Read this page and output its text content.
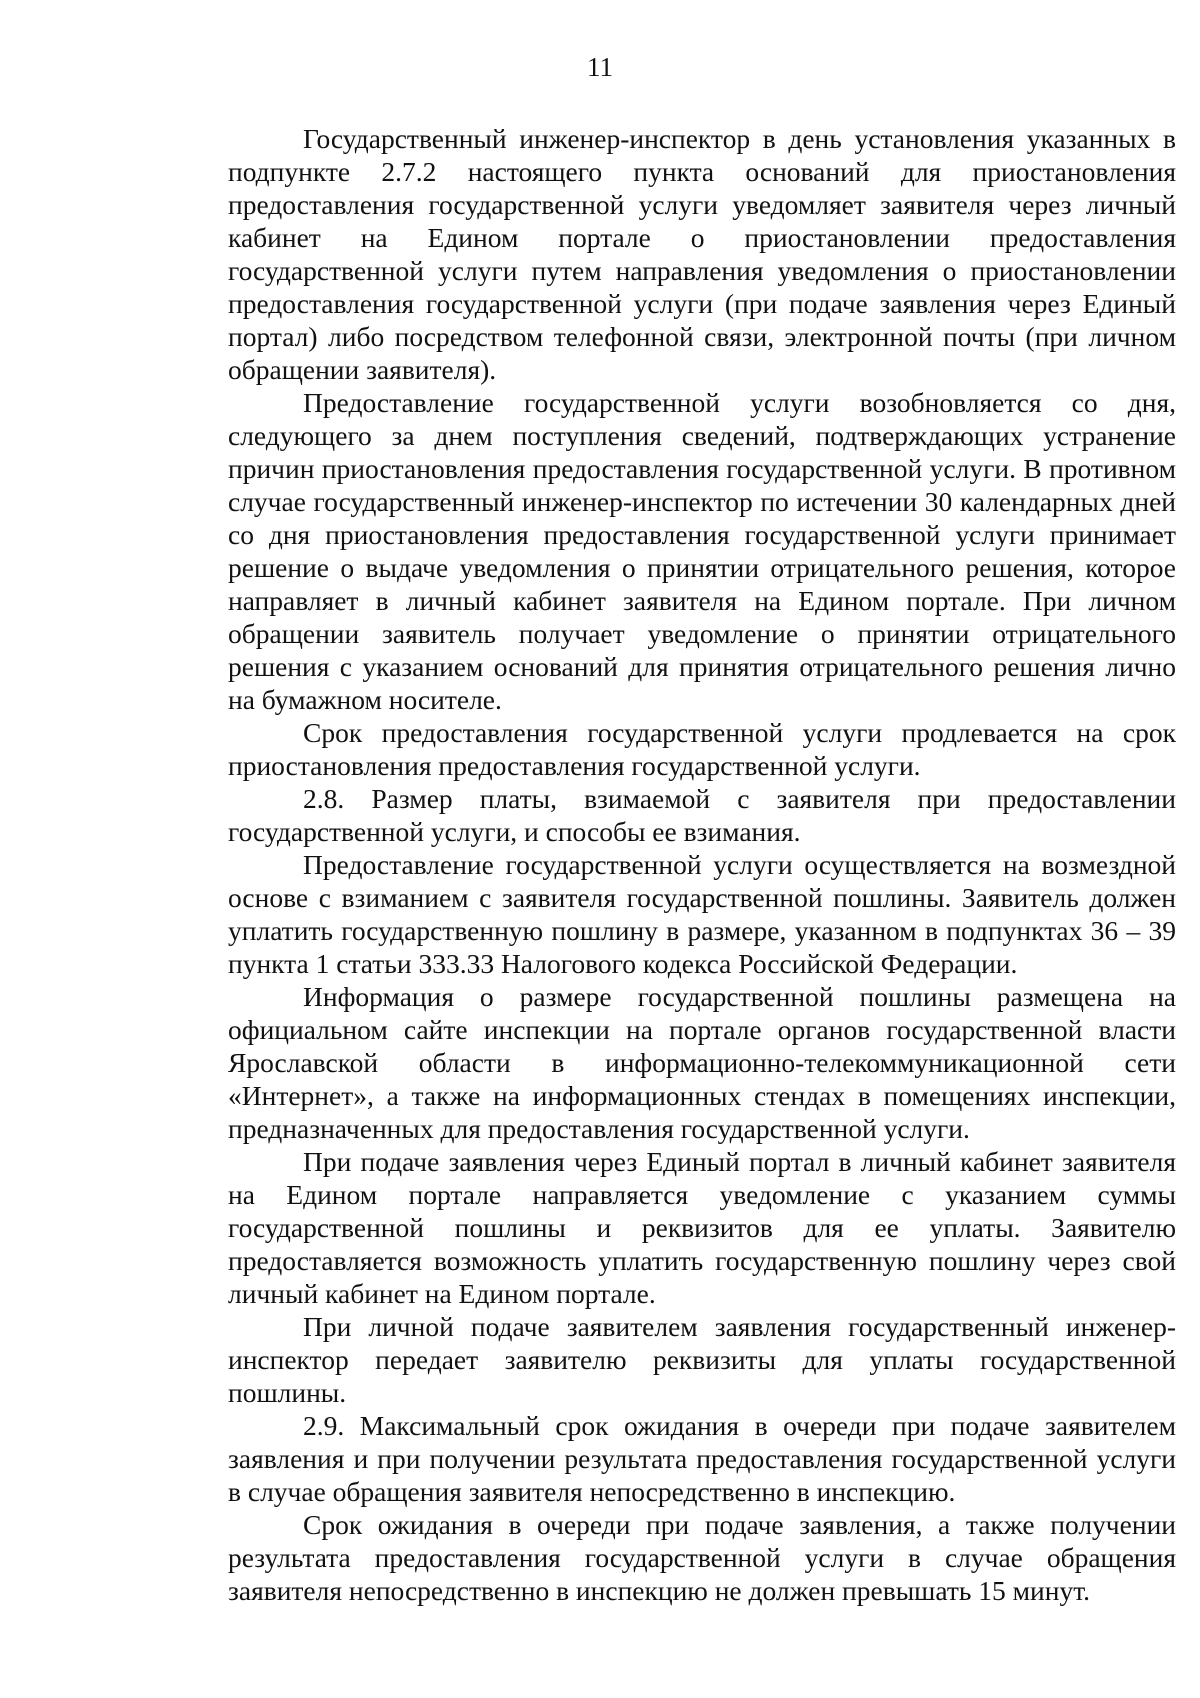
11

Государственный инженер-инспектор в день установления указанных в подпункте 2.7.2 настоящего пункта оснований для приостановления предоставления государственной услуги уведомляет заявителя через личный кабинет на Едином портале о приостановлении предоставления государственной услуги путем направления уведомления о приостановлении предоставления государственной услуги (при подаче заявления через Единый портал) либо посредством телефонной связи, электронной почты (при личном обращении заявителя).

Предоставление государственной услуги возобновляется со дня, следующего за днем поступления сведений, подтверждающих устранение причин приостановления предоставления государственной услуги. В противном случае государственный инженер-инспектор по истечении 30 календарных дней со дня приостановления предоставления государственной услуги принимает решение о выдаче уведомления о принятии отрицательного решения, которое направляет в личный кабинет заявителя на Едином портале. При личном обращении заявитель получает уведомление о принятии отрицательного решения с указанием оснований для принятия отрицательного решения лично на бумажном носителе.

Срок предоставления государственной услуги продлевается на срок приостановления предоставления государственной услуги.

2.8. Размер платы, взимаемой с заявителя при предоставлении государственной услуги, и способы ее взимания.

Предоставление государственной услуги осуществляется на возмездной основе с взиманием с заявителя государственной пошлины. Заявитель должен уплатить государственную пошлину в размере, указанном в подпунктах 36 – 39 пункта 1 статьи 333.33 Налогового кодекса Российской Федерации.

Информация о размере государственной пошлины размещена на официальном сайте инспекции на портале органов государственной власти Ярославской области в информационно-телекоммуникационной сети «Интернет», а также на информационных стендах в помещениях инспекции, предназначенных для предоставления государственной услуги.

При подаче заявления через Единый портал в личный кабинет заявителя на Едином портале направляется уведомление с указанием суммы государственной пошлины и реквизитов для ее уплаты. Заявителю предоставляется возможность уплатить государственную пошлину через свой личный кабинет на Едином портале.

При личной подаче заявителем заявления государственный инженер-инспектор передает заявителю реквизиты для уплаты государственной пошлины.

2.9. Максимальный срок ожидания в очереди при подаче заявителем заявления и при получении результата предоставления государственной услуги в случае обращения заявителя непосредственно в инспекцию.

Срок ожидания в очереди при подаче заявления, а также получении результата предоставления государственной услуги в случае обращения заявителя непосредственно в инспекцию не должен превышать 15 минут.
